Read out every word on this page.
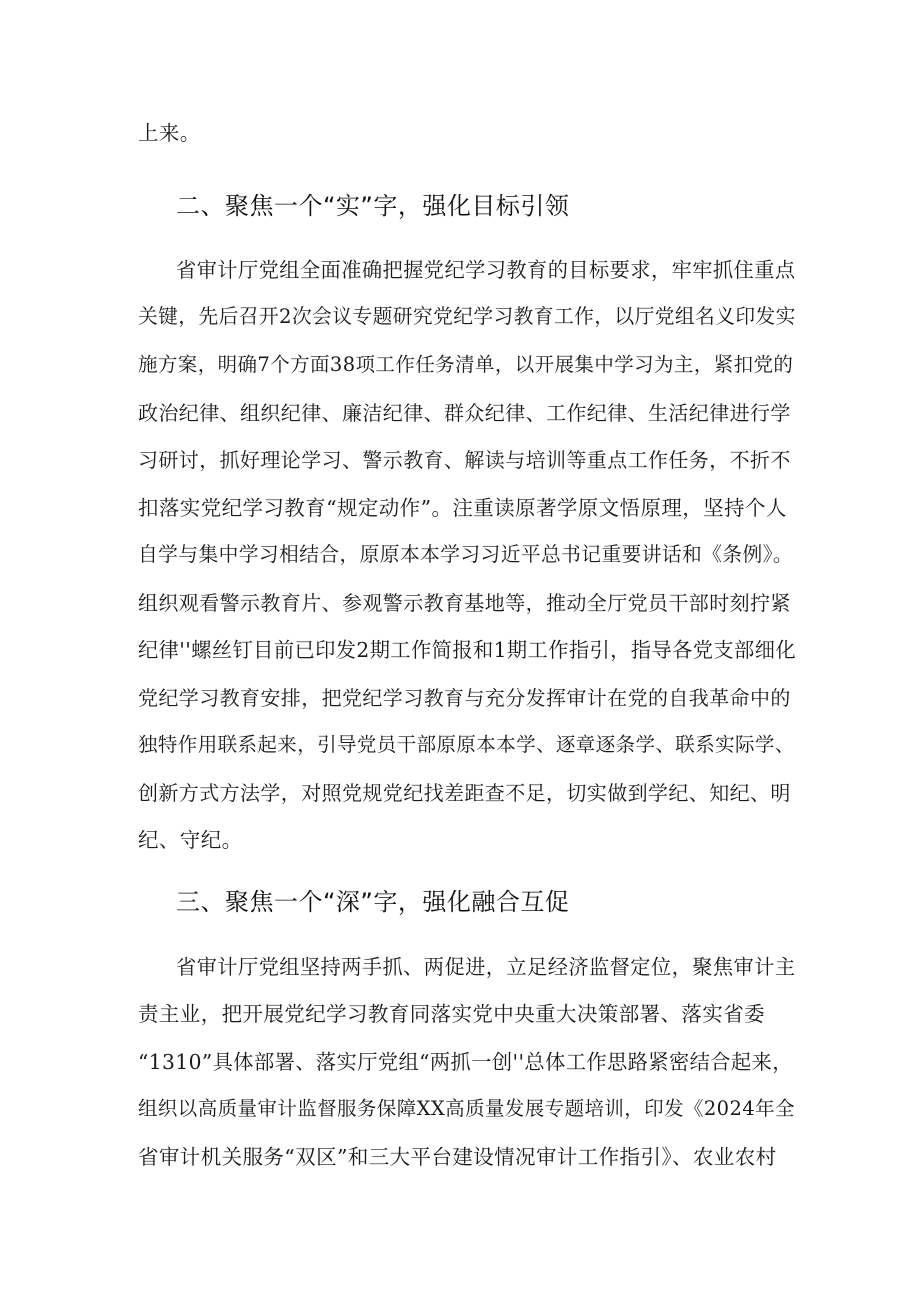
上来。
二、聚焦一个“实”字，强化目标引领
省审计厅党组全面准确把握党纪学习教育的目标要求，牢牢抓住重点
关键，先后召开2次会议专题研究党纪学习教育工作，以厅党组名义印发实
施方案，明确7个方面38项工作任务清单，以开展集中学习为主，紧扣党的
政治纪律、组织纪律、廉洁纪律、群众纪律、工作纪律、生活纪律进行学
习研讨，抓好理论学习、警示教育、解读与培训等重点工作任务，不折不
扣落实党纪学习教育“规定动作”。注重读原著学原文悟原理，坚持个人
自学与集中学习相结合，原原本本学习习近平总书记重要讲话和《条例》。
组织观看警示教育片、参观警示教育基地等，推动全厅党员干部时刻拧紧
纪律''螺丝钉目前已印发2期工作简报和1期工作指引，指导各党支部细化
党纪学习教育安排，把党纪学习教育与充分发挥审计在党的自我革命中的
独特作用联系起来，引导党员干部原原本本学、逐章逐条学、联系实际学、
创新方式方法学，对照党规党纪找差距查不足，切实做到学纪、知纪、明
纪、守纪。
三、聚焦一个“深”字，强化融合互促
省审计厅党组坚持两手抓、两促进，立足经济监督定位，聚焦审计主
责主业，把开展党纪学习教育同落实党中央重大决策部署、落实省委
“1310”具体部署、落实厅党组“两抓一创''总体工作思路紧密结合起来，
组织以高质量审计监督服务保障XX高质量发展专题培训，印发《2024年全
省审计机关服务“双区”和三大平台建设情况审计工作指引》、农业农村
